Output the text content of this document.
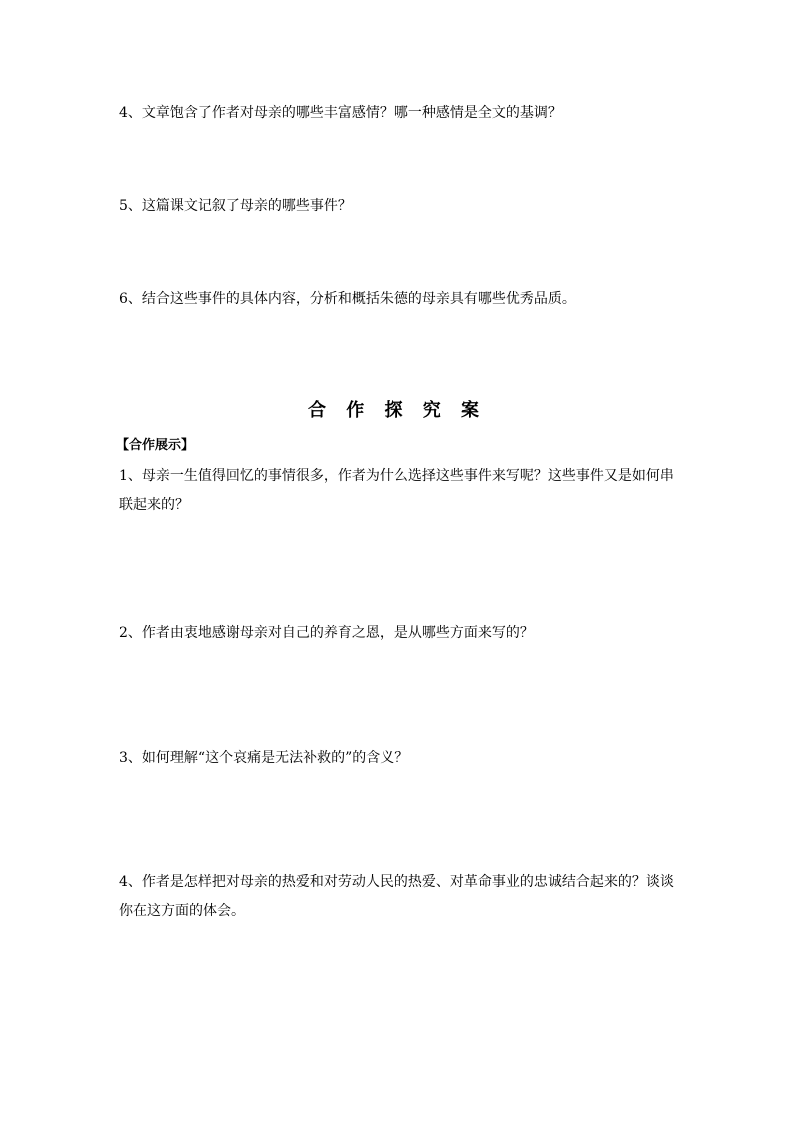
4、文章饱含了作者对母亲的哪些丰富感情？哪一种感情是全文的基调？

5、这篇课文记叙了母亲的哪些事件？

6、结合这些事件的具体内容，分析和概括朱德的母亲具有哪些优秀品质。

合 作 探 究 案
【合作展示】

1、母亲一生值得回忆的事情很多，作者为什么选择这些事件来写呢？这些事件又是如何串联起来的？

2、作者由衷地感谢母亲对自己的养育之恩，是从哪些方面来写的？

3、如何理解“这个哀痛是无法补救的”的含义？

4、作者是怎样把对母亲的热爱和对劳动人民的热爱、对革命事业的忠诚结合起来的？谈谈你在这方面的体会。
